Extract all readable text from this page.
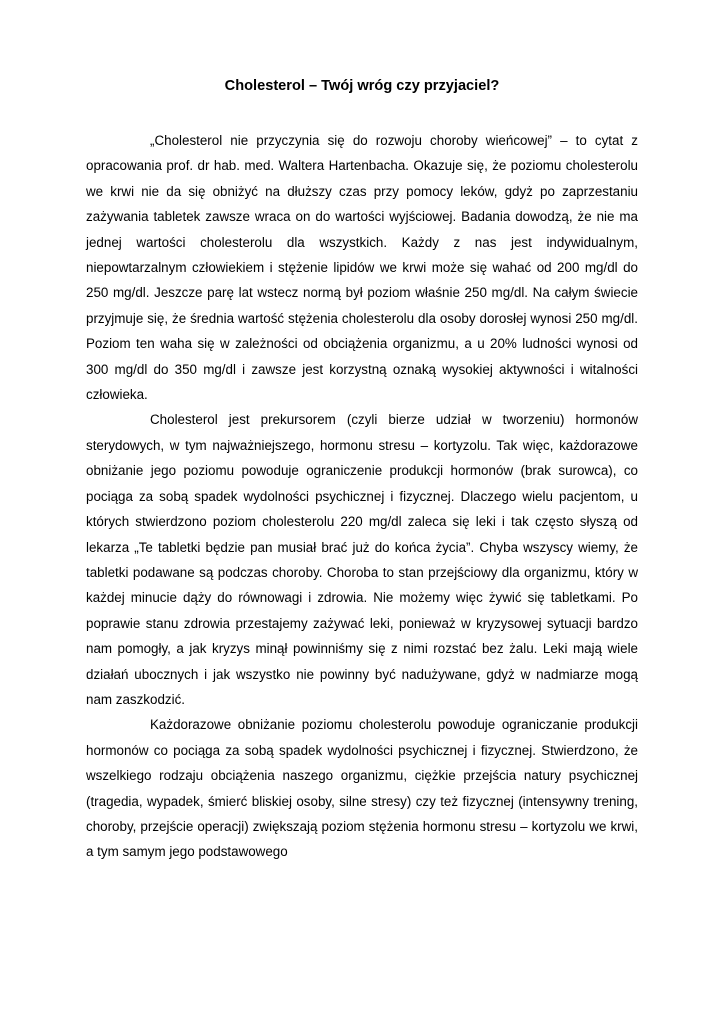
Cholesterol – Twój wróg czy przyjaciel?

„Cholesterol nie przyczynia się do rozwoju choroby wieńcowej” – to cytat z opracowania prof. dr hab. med. Waltera Hartenbacha. Okazuje się, że poziomu cholesterolu we krwi nie da się obniżyć na dłuższy czas przy pomocy leków, gdyż po zaprzestaniu zażywania tabletek zawsze wraca on do wartości wyjściowej. Badania dowodzą, że nie ma jednej wartości cholesterolu dla wszystkich. Każdy z nas jest indywidualnym, niepowtarzalnym człowiekiem i stężenie lipidów we krwi może się wahać od 200 mg/dl do 250 mg/dl. Jeszcze parę lat wstecz normą był poziom właśnie 250 mg/dl. Na całym świecie przyjmuje się, że średnia wartość stężenia cholesterolu dla osoby dorosłej wynosi 250 mg/dl. Poziom ten waha się w zależności od obciążenia organizmu, a u 20% ludności wynosi od 300 mg/dl do 350 mg/dl i zawsze jest korzystną oznaką wysokiej aktywności i witalności człowieka.

Cholesterol jest prekursorem (czyli bierze udział w tworzeniu) hormonów sterydowych, w tym najważniejszego, hormonu stresu – kortyzolu. Tak więc, każdorazowe obniżanie jego poziomu powoduje ograniczenie produkcji hormonów (brak surowca), co pociąga za sobą spadek wydolności psychicznej i fizycznej. Dlaczego wielu pacjentom, u których stwierdzono poziom cholesterolu 220 mg/dl zaleca się leki i tak często słyszą od lekarza „Te tabletki będzie pan musiał brać już do końca życia”. Chyba wszyscy wiemy, że tabletki podawane są podczas choroby. Choroba to stan przejściowy dla organizmu, który w każdej minucie dąży do równowagi i zdrowia. Nie możemy więc żywić się tabletkami. Po poprawie stanu zdrowia przestajemy zażywać leki, ponieważ w kryzysowej sytuacji bardzo nam pomogły, a jak kryzys minął powinniśmy się z nimi rozstać bez żalu. Leki mają wiele działań ubocznych i jak wszystko nie powinny być nadużywane, gdyż w nadmiarze mogą nam zaszkodzić.

Każdorazowe obniżanie poziomu cholesterolu powoduje ograniczanie produkcji hormonów co pociąga za sobą spadek wydolności psychicznej i fizycznej. Stwierdzono, że wszelkiego rodzaju obciążenia naszego organizmu, ciężkie przejścia natury psychicznej (tragedia, wypadek, śmierć bliskiej osoby, silne stresy) czy też fizycznej (intensywny trening, choroby, przejście operacji) zwiększają poziom stężenia hormonu stresu – kortyzolu we krwi, a tym samym jego podstawowego
